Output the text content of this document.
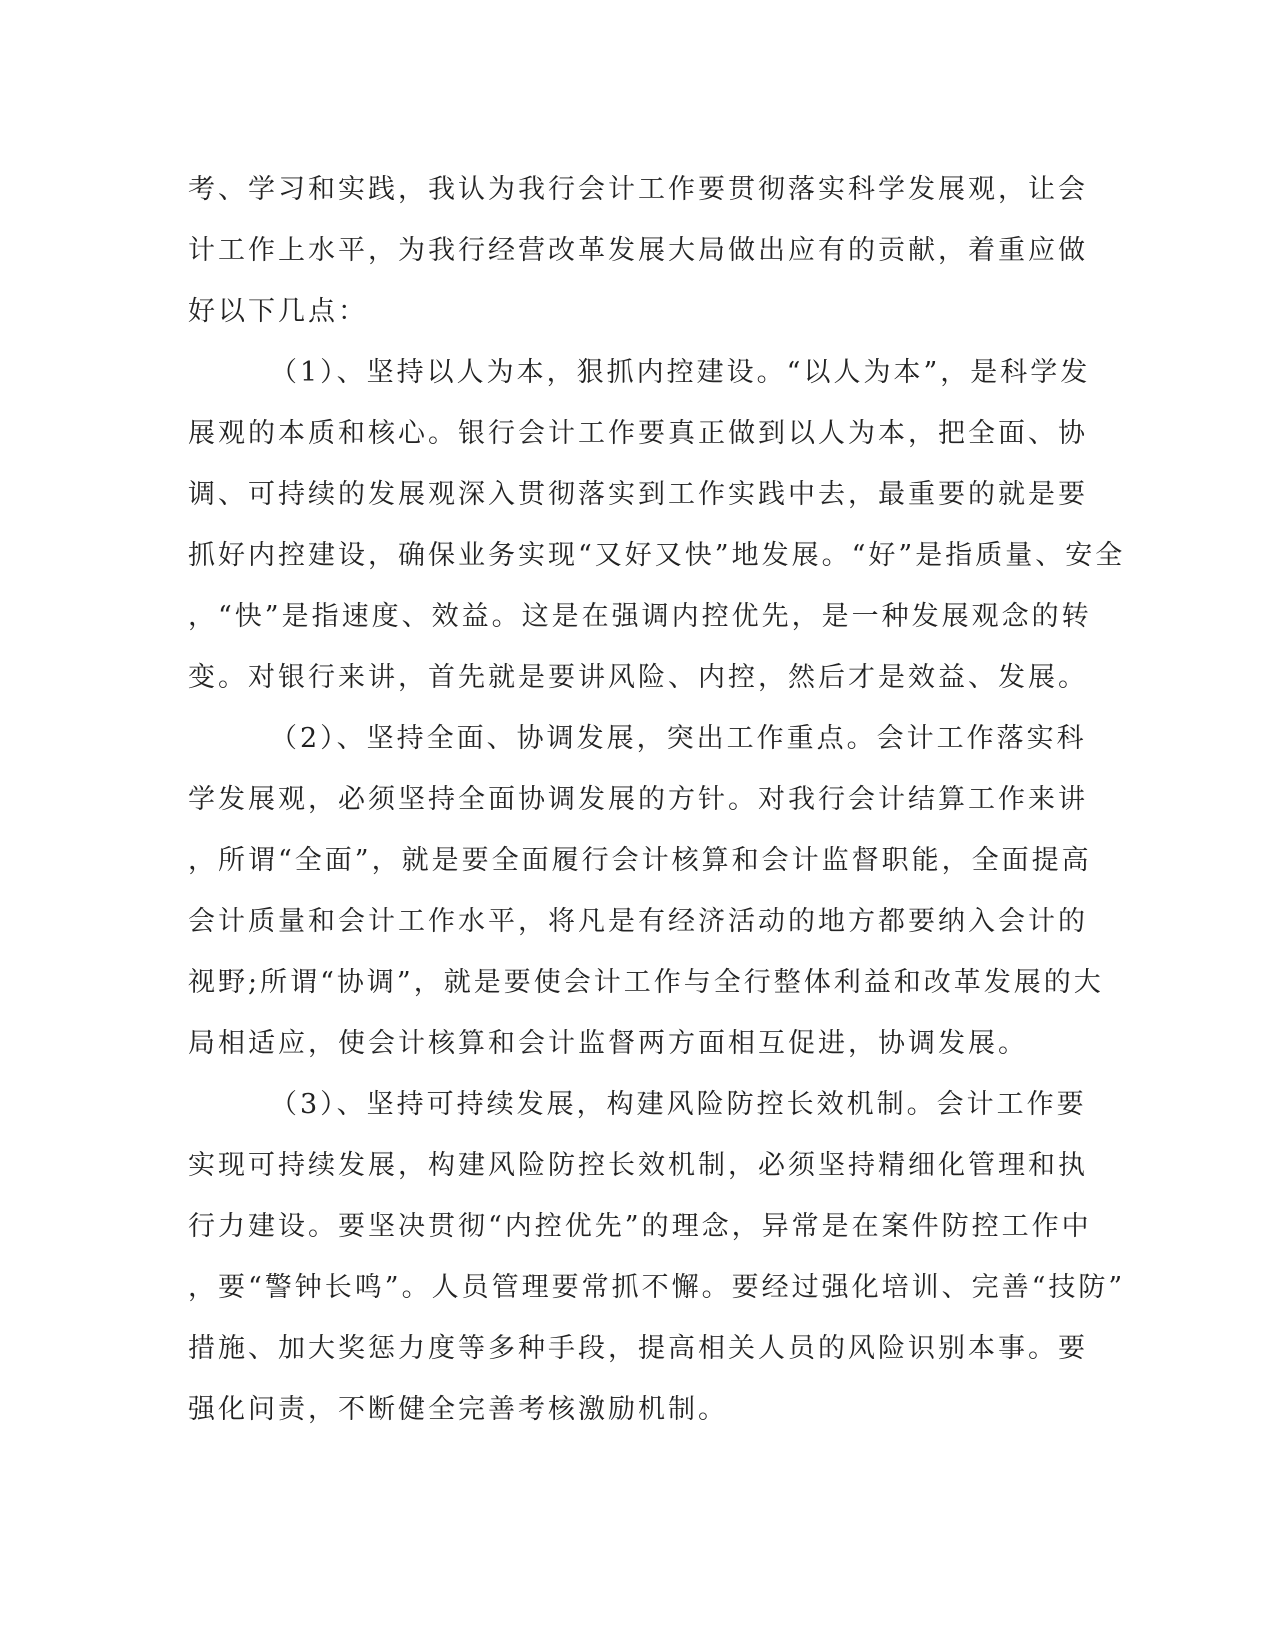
考、学习和实践，我认为我行会计工作要贯彻落实科学发展观，让会
计工作上水平，为我行经营改革发展大局做出应有的贡献，着重应做
好以下几点：
（1）、坚持以人为本，狠抓内控建设。“以人为本”，是科学发
展观的本质和核心。银行会计工作要真正做到以人为本，把全面、协
调、可持续的发展观深入贯彻落实到工作实践中去，最重要的就是要
抓好内控建设，确保业务实现“又好又快”地发展。“好”是指质量、安全
，“快”是指速度、效益。这是在强调内控优先，是一种发展观念的转
变。对银行来讲，首先就是要讲风险、内控，然后才是效益、发展。
（2）、坚持全面、协调发展，突出工作重点。会计工作落实科
学发展观，必须坚持全面协调发展的方针。对我行会计结算工作来讲
，所谓“全面”，就是要全面履行会计核算和会计监督职能，全面提高
会计质量和会计工作水平，将凡是有经济活动的地方都要纳入会计的
视野;所谓“协调”，就是要使会计工作与全行整体利益和改革发展的大
局相适应，使会计核算和会计监督两方面相互促进，协调发展。
（3）、坚持可持续发展，构建风险防控长效机制。会计工作要
实现可持续发展，构建风险防控长效机制，必须坚持精细化管理和执
行力建设。要坚决贯彻“内控优先”的理念，异常是在案件防控工作中
，要“警钟长鸣”。人员管理要常抓不懈。要经过强化培训、完善“技防”
措施、加大奖惩力度等多种手段，提高相关人员的风险识别本事。要
强化问责，不断健全完善考核激励机制。
